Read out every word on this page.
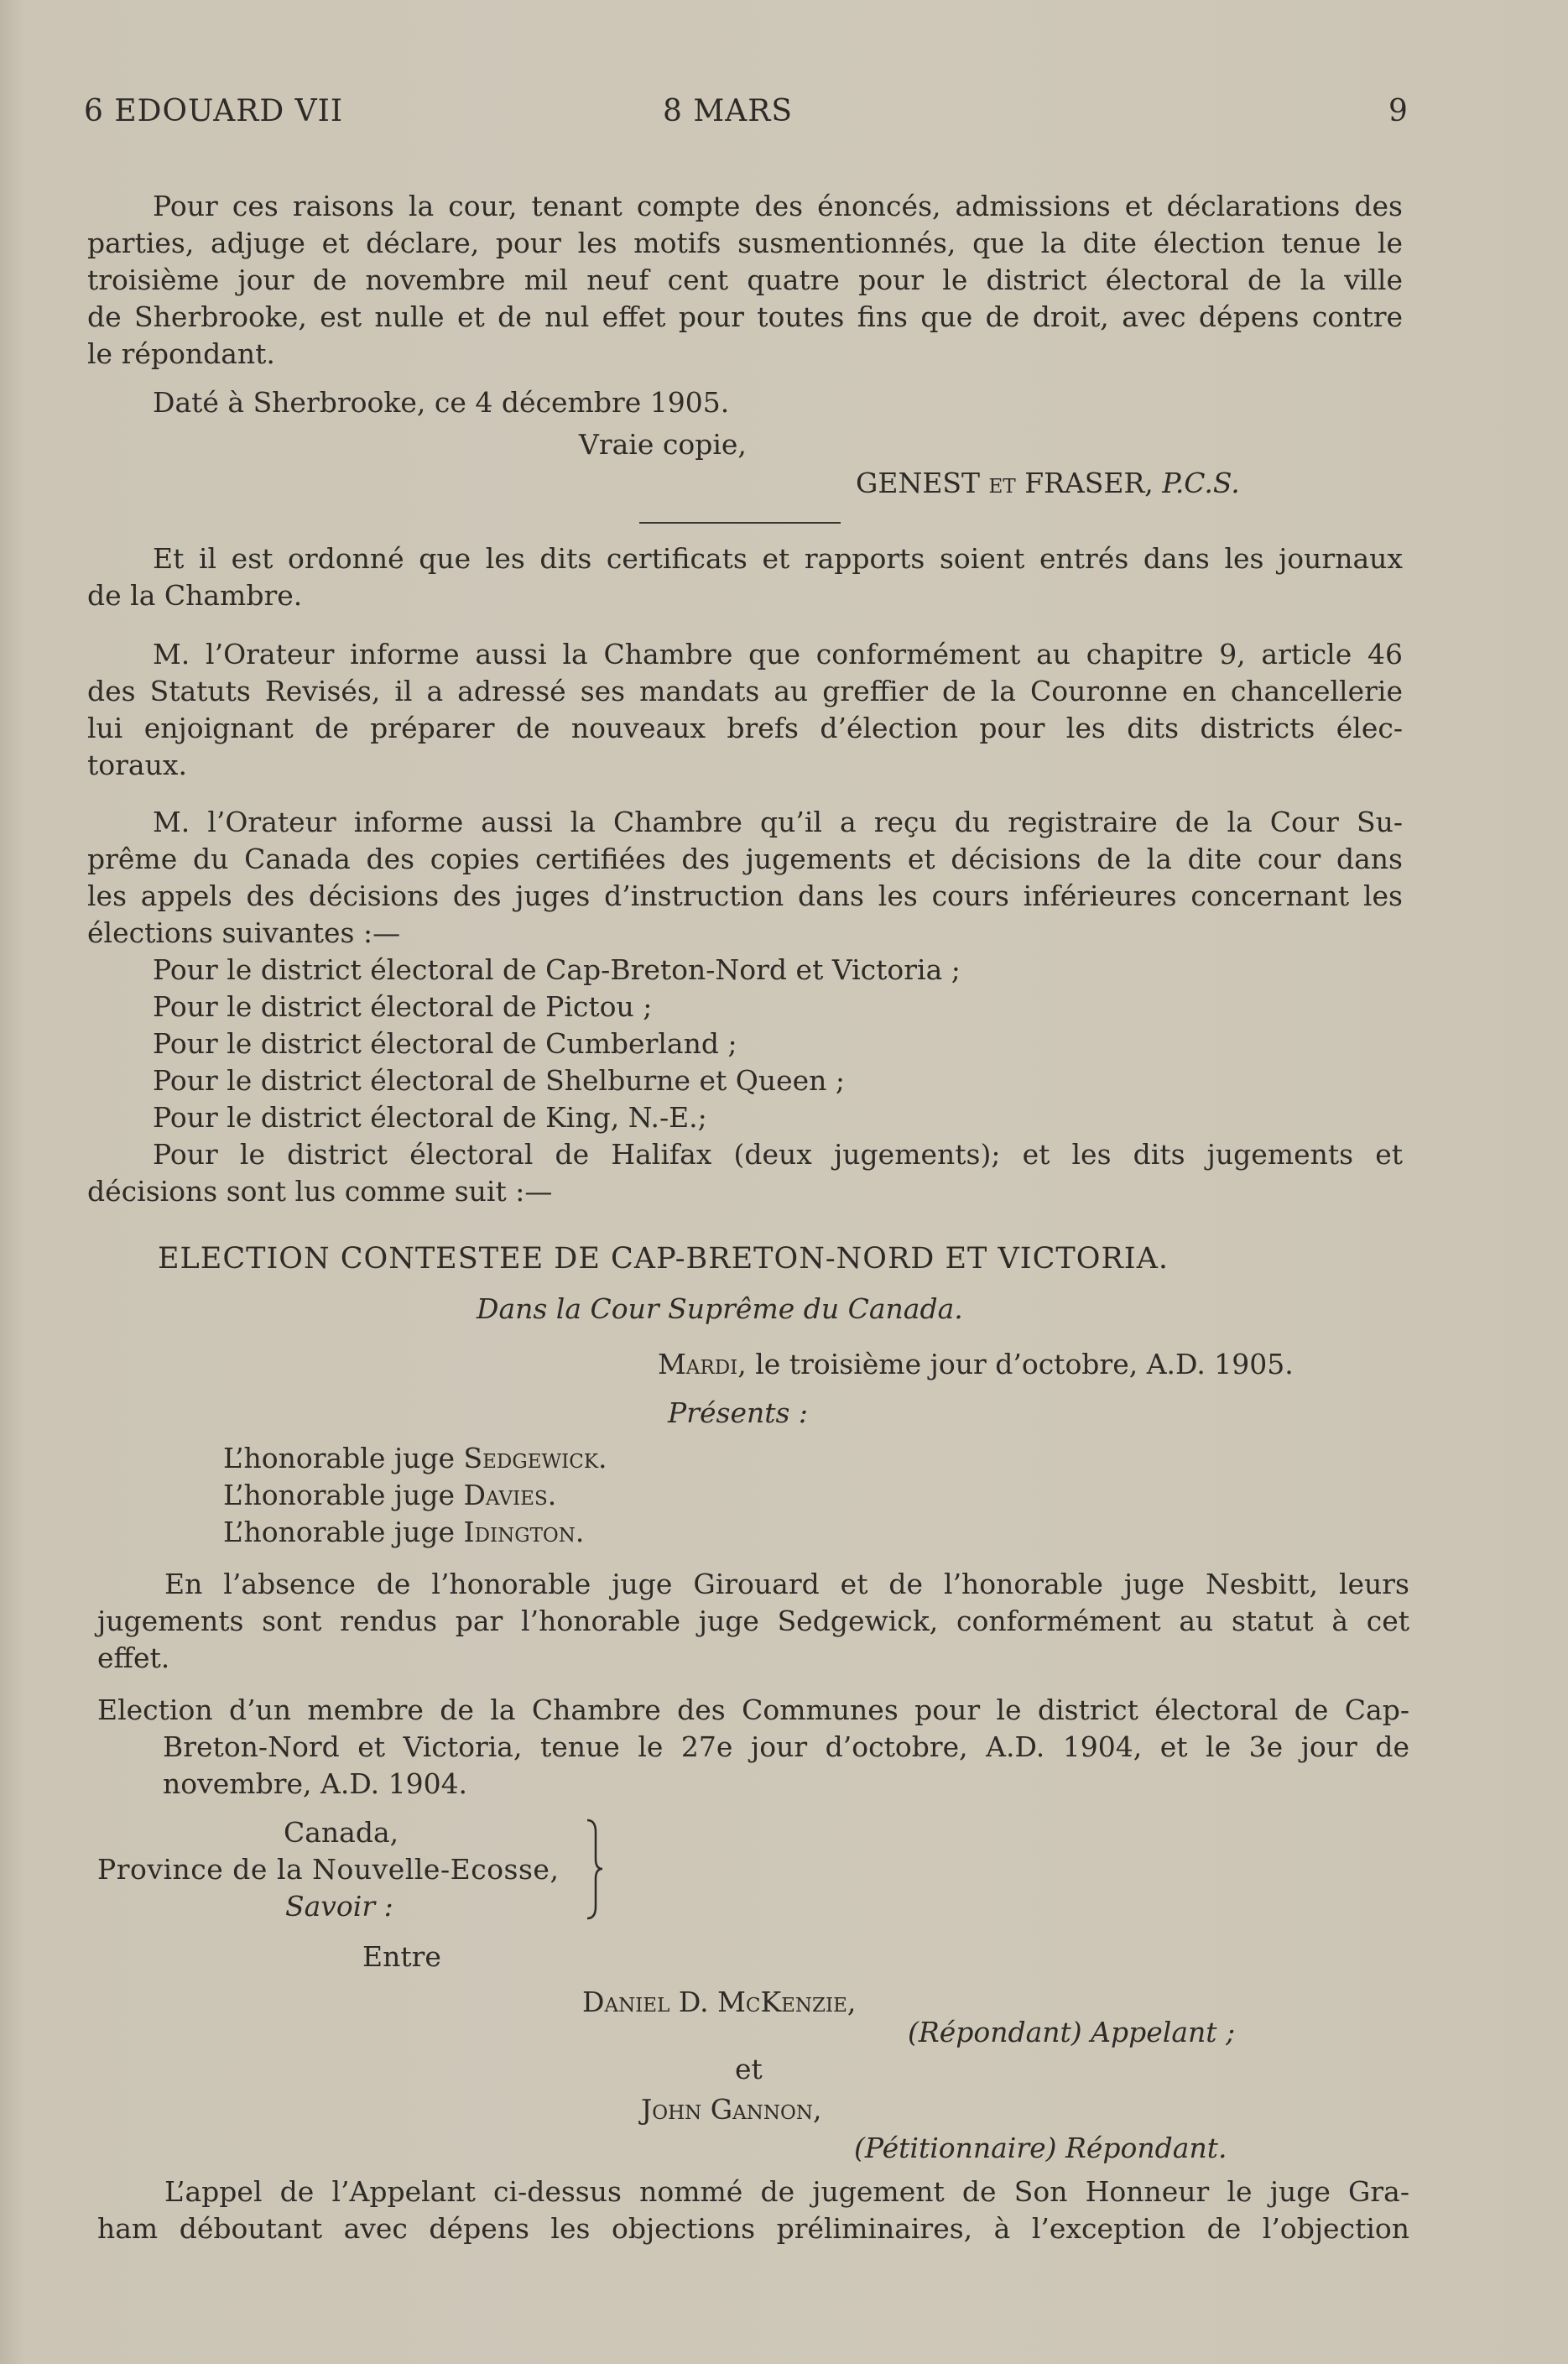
6 EDOUARD VII	8 MARS	9
Pour ces raisons la cour, tenant compte des énoncés, admissions et déclarations des
parties, adjuge et déclare, pour les motifs susmentionnés, que la dite élection tenue le
troisième jour de novembre mil neuf cent quatre pour le district électoral de la ville
de Sherbrooke, est nulle et de nul effet pour toutes fins que de droit, avec dépens contre
le répondant.
Daté à Sherbrooke, ce 4 décembre 1905.
Vraie copie,
GENEST et FRASER, P.C.S.
Et il est ordonné que les dits certificats et rapports soient entrés dans les journaux
de la Chambre.
M. l’Orateur informe aussi la Chambre que conformément au chapitre 9, article 46
des Statuts Revisés, il a adressé ses mandats au greffier de la Couronne en chancellerie
lui enjoignant de préparer de nouveaux brefs d’élection pour les dits districts élec-
toraux.
M. l’Orateur informe aussi la Chambre qu’il a reçu du registraire de la Cour Su-
prême du Canada des copies certifiées des jugements et décisions de la dite cour dans
les appels des décisions des juges d’instruction dans les cours inférieures concernant les
élections suivantes :—
Pour le district électoral de Cap-Breton-Nord et Victoria ;
Pour le district électoral de Pictou ;
Pour le district électoral de Cumberland ;
Pour le district électoral de Shelburne et Queen ;
Pour le district électoral de King, N.-E.;
Pour le district électoral de Halifax (deux jugements); et les dits jugements et
décisions sont lus comme suit :—
ELECTION CONTESTEE DE CAP-BRETON-NORD ET VICTORIA.
Dans la Cour Suprême du Canada.
Mardi, le troisième jour d’octobre, A.D. 1905.
Présents :
L’honorable juge Sedgewick.
L’honorable juge Davies.
L’honorable juge Idington.
En l’absence de l’honorable juge Girouard et de l’honorable juge Nesbitt, leurs
jugements sont rendus par l’honorable juge Sedgewick, conformément au statut à cet
effet.
Election d’un membre de la Chambre des Communes pour le district électoral de Cap-
Breton-Nord et Victoria, tenue le 27e jour d’octobre, A.D. 1904, et le 3e jour de
novembre, A.D. 1904.
Canada,
Province de la Nouvelle-Ecosse,
Savoir :
Entre
Daniel D. McKenzie,
(Répondant) Appelant ;
et
John Gannon,
(Pétitionnaire) Répondant.
L’appel de l’Appelant ci-dessus nommé de jugement de Son Honneur le juge Gra-
ham déboutant avec dépens les objections préliminaires, à l’exception de l’objection
